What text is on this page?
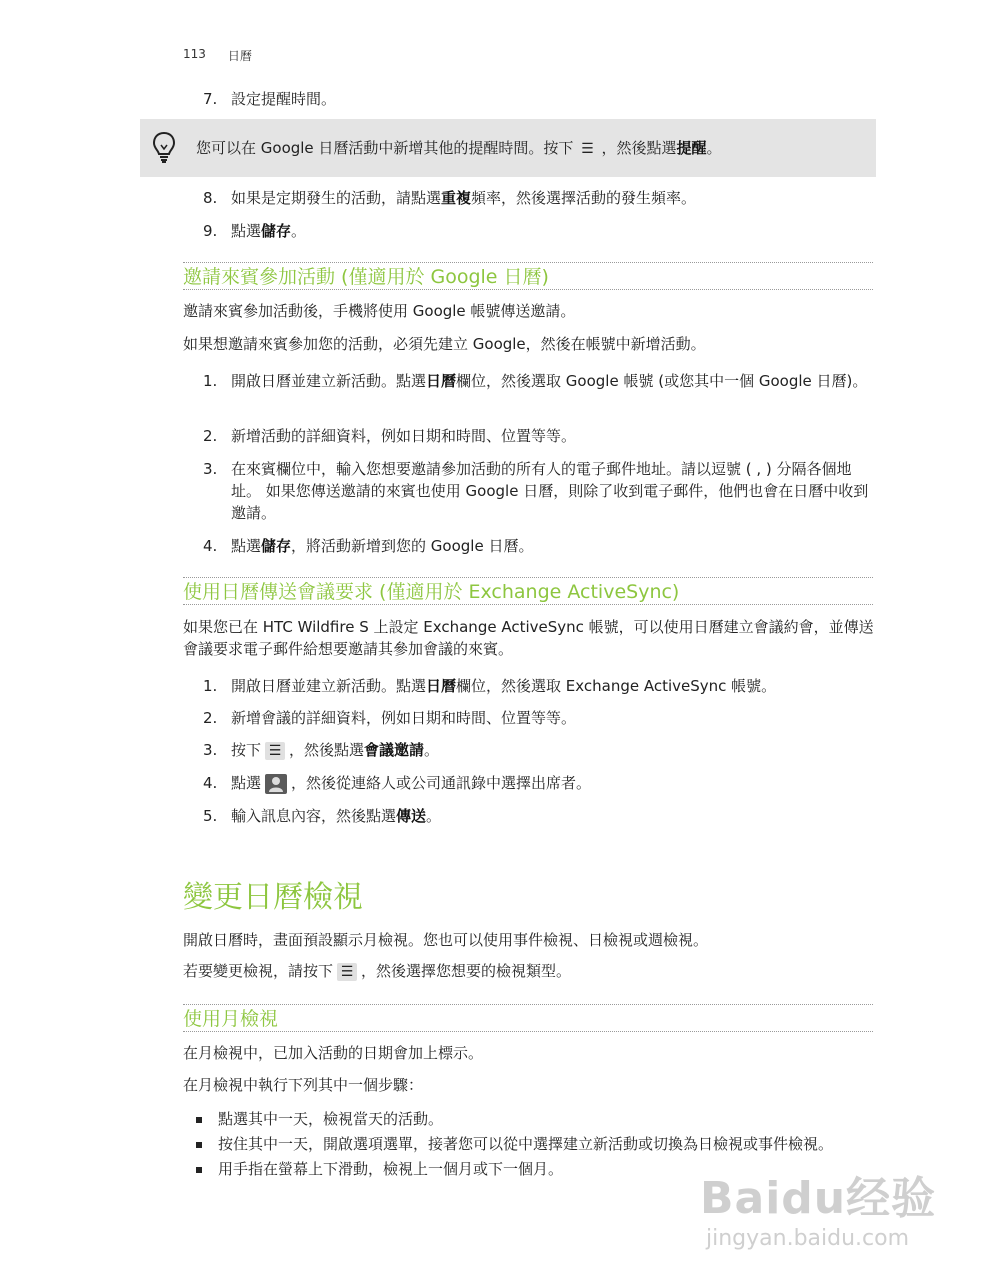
113 日曆
7. 設定提醒時間。
您可以在 Google 日曆活動中新增其他的提醒時間。按下 ☰ ，然後點選提醒。
8. 如果是定期發生的活動，請點選重複頻率，然後選擇活動的發生頻率。
9. 點選儲存。
邀請來賓參加活動 (僅適用於 Google 日曆)
邀請來賓參加活動後，手機將使用 Google 帳號傳送邀請。
如果想邀請來賓參加您的活動，必須先建立 Google，然後在帳號中新增活動。
1. 開啟日曆並建立新活動。點選日曆欄位，然後選取 Google 帳號 (或您其中一個 Google 日曆)。
2. 新增活動的詳細資料，例如日期和時間、位置等等。
3. 在來賓欄位中，輸入您想要邀請參加活動的所有人的電子郵件地址。請以逗號 ( , ) 分隔各個地址。 如果您傳送邀請的來賓也使用 Google 日曆，則除了收到電子郵件，他們也會在日曆中收到邀請。
4. 點選儲存，將活動新增到您的 Google 日曆。
使用日曆傳送會議要求 (僅適用於 Exchange ActiveSync)
如果您已在 HTC Wildfire S 上設定 Exchange ActiveSync 帳號，可以使用日曆建立會議約會，並傳送會議要求電子郵件給想要邀請其參加會議的來賓。
1. 開啟日曆並建立新活動。點選日曆欄位，然後選取 Exchange ActiveSync 帳號。
2. 新增會議的詳細資料，例如日期和時間、位置等等。
3. 按下 ☰ ，然後點選會議邀請。
4. 點選 ，然後從連絡人或公司通訊錄中選擇出席者。
5. 輸入訊息內容，然後點選傳送。
變更日曆檢視
開啟日曆時，畫面預設顯示月檢視。您也可以使用事件檢視、日檢視或週檢視。
若要變更檢視，請按下 ☰ ，然後選擇您想要的檢視類型。
使用月檢視
在月檢視中，已加入活動的日期會加上標示。
在月檢視中執行下列其中一個步驟：
點選其中一天，檢視當天的活動。
按住其中一天，開啟選項選單，接著您可以從中選擇建立新活動或切換為日檢視或事件檢視。
用手指在螢幕上下滑動，檢視上一個月或下一個月。
Baidu经验
jingyan.baidu.com
